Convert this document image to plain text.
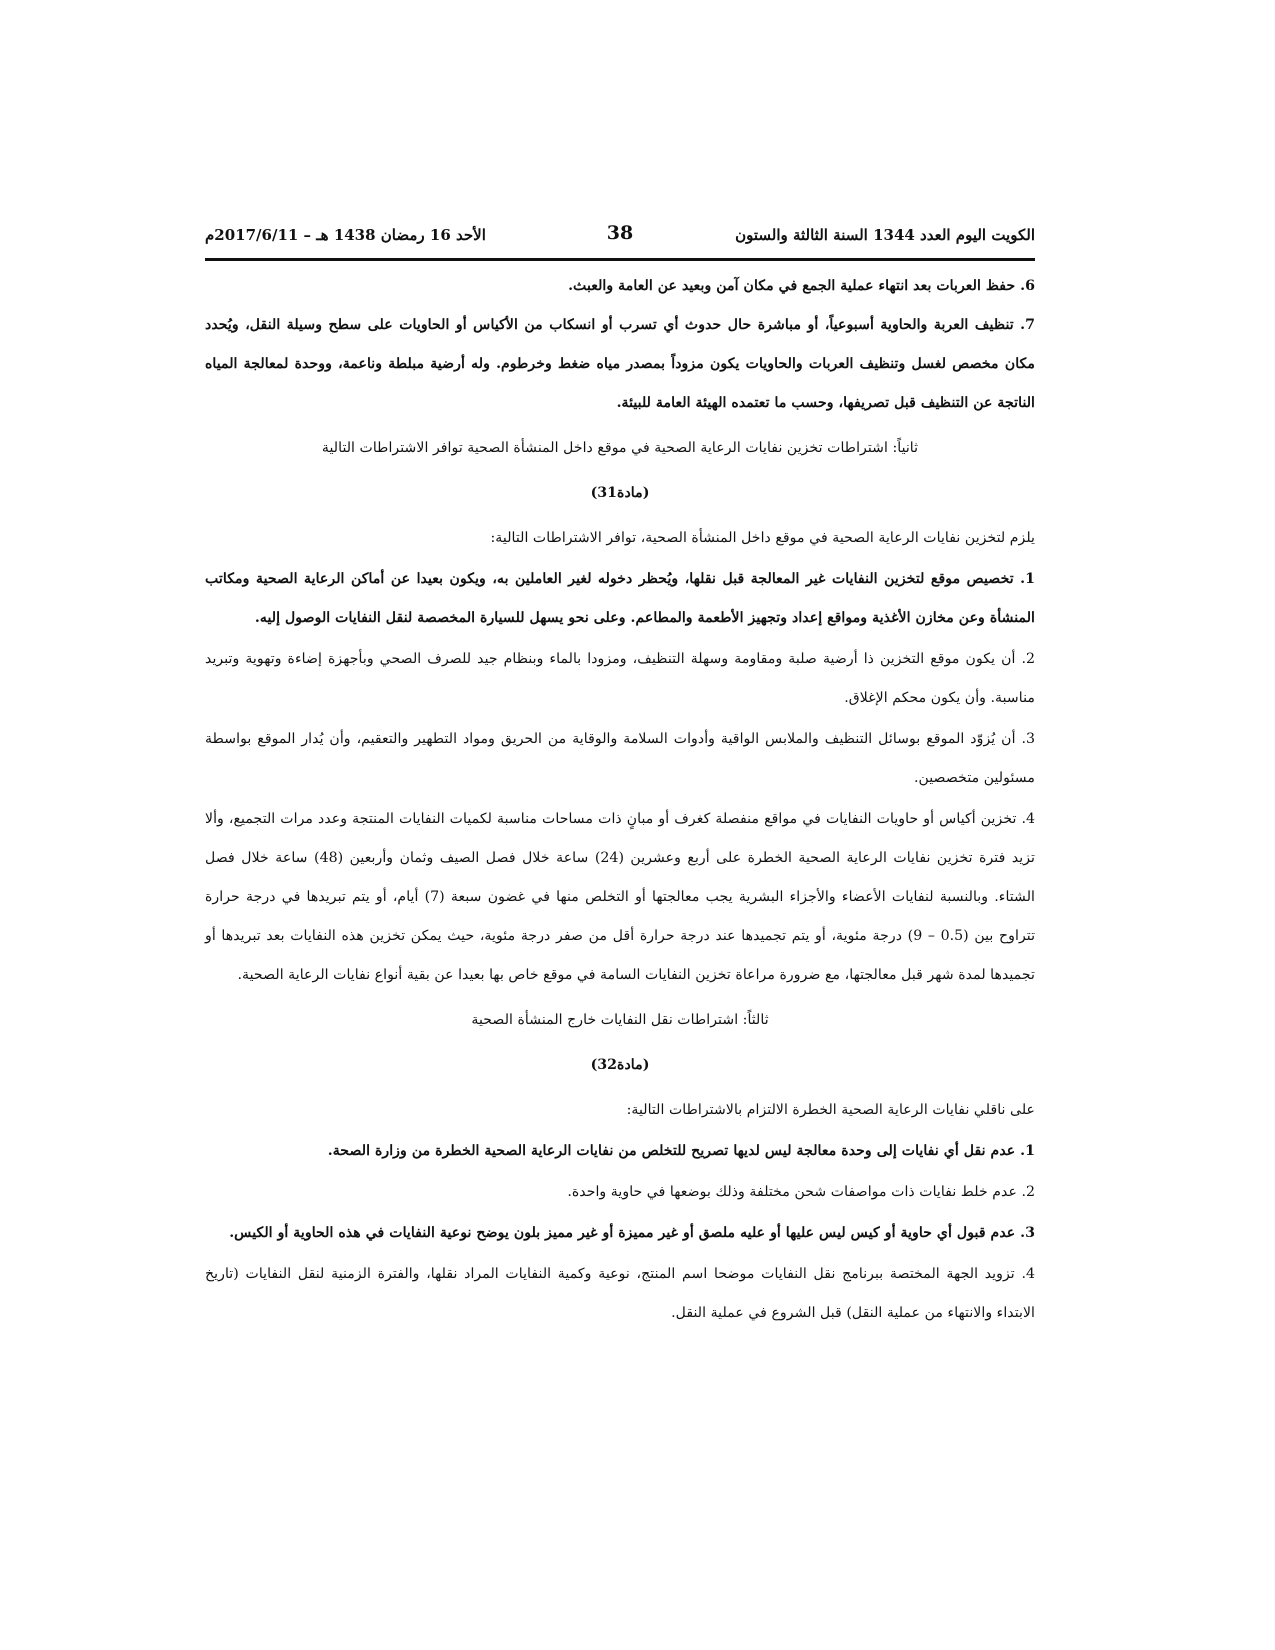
الكويت اليوم العدد 1344 السنة الثالثة والستون
38
الأحد 16 رمضان 1438 هـ – 2017/6/11م

6. حفظ العربات بعد انتهاء عملية الجمع في مكان آمن وبعيد عن العامة والعبث.

7. تنظيف العربة والحاوية أسبوعياً، أو مباشرة حال حدوث أي تسرب أو انسكاب من الأكياس أو الحاويات على سطح وسيلة النقل، ويُحدد مكان مخصص لغسل وتنظيف العربات والحاويات يكون مزوداً بمصدر مياه ضغط وخرطوم. وله أرضية مبلطة وناعمة، ووحدة لمعالجة المياه الناتجة عن التنظيف قبل تصريفها، وحسب ما تعتمده الهيئة العامة للبيئة.

ثانياً: اشتراطات تخزين نفايات الرعاية الصحية في موقع داخل المنشأة الصحية توافر الاشتراطات التالية
(مادة31)

يلزم لتخزين نفايات الرعاية الصحية في موقع داخل المنشأة الصحية، توافر الاشتراطات التالية:

1. تخصيص موقع لتخزين النفايات غير المعالجة قبل نقلها، ويُحظر دخوله لغير العاملين به، ويكون بعيدا عن أماكن الرعاية الصحية ومكاتب المنشأة وعن مخازن الأغذية ومواقع إعداد وتجهيز الأطعمة والمطاعم. وعلى نحو يسهل للسيارة المخصصة لنقل النفايات الوصول إليه.

2. أن يكون موقع التخزين ذا أرضية صلبة ومقاومة وسهلة التنظيف، ومزودا بالماء وبنظام جيد للصرف الصحي وبأجهزة إضاءة وتهوية وتبريد مناسبة. وأن يكون محكم الإغلاق.

3. أن يُزوّد الموقع بوسائل التنظيف والملابس الواقية وأدوات السلامة والوقاية من الحريق ومواد التطهير والتعقيم، وأن يُدار الموقع بواسطة مسئولين متخصصين.

4. تخزين أكياس أو حاويات النفايات في مواقع منفصلة كغرف أو مبانٍ ذات مساحات مناسبة لكميات النفايات المنتجة وعدد مرات التجميع، وألا تزيد فترة تخزين نفايات الرعاية الصحية الخطرة على أربع وعشرين (24) ساعة خلال فصل الصيف وثمان وأربعين (48) ساعة خلال فصل الشتاء. وبالنسبة لنفايات الأعضاء والأجزاء البشرية يجب معالجتها أو التخلص منها في غضون سبعة (7) أيام، أو يتم تبريدها في درجة حرارة تتراوح بين (0.5 – 9) درجة مئوية، أو يتم تجميدها عند درجة حرارة أقل من صفر درجة مئوية، حيث يمكن تخزين هذه النفايات بعد تبريدها أو تجميدها لمدة شهر قبل معالجتها، مع ضرورة مراعاة تخزين النفايات السامة في موقع خاص بها بعيدا عن بقية أنواع نفايات الرعاية الصحية.

ثالثاً: اشتراطات نقل النفايات خارج المنشأة الصحية
(مادة32)

على ناقلي نفايات الرعاية الصحية الخطرة الالتزام بالاشتراطات التالية:

1. عدم نقل أي نفايات إلى وحدة معالجة ليس لديها تصريح للتخلص من نفايات الرعاية الصحية الخطرة من وزارة الصحة.

2. عدم خلط نفايات ذات مواصفات شحن مختلفة وذلك بوضعها في حاوية واحدة.

3. عدم قبول أي حاوية أو كيس ليس عليها أو عليه ملصق أو غير مميزة أو غير مميز بلون يوضح نوعية النفايات في هذه الحاوية أو الكيس.

4. تزويد الجهة المختصة ببرنامج نقل النفايات موضحا اسم المنتج، نوعية وكمية النفايات المراد نقلها، والفترة الزمنية لنقل النفايات (تاريخ الابتداء والانتهاء من عملية النقل) قبل الشروع في عملية النقل.
